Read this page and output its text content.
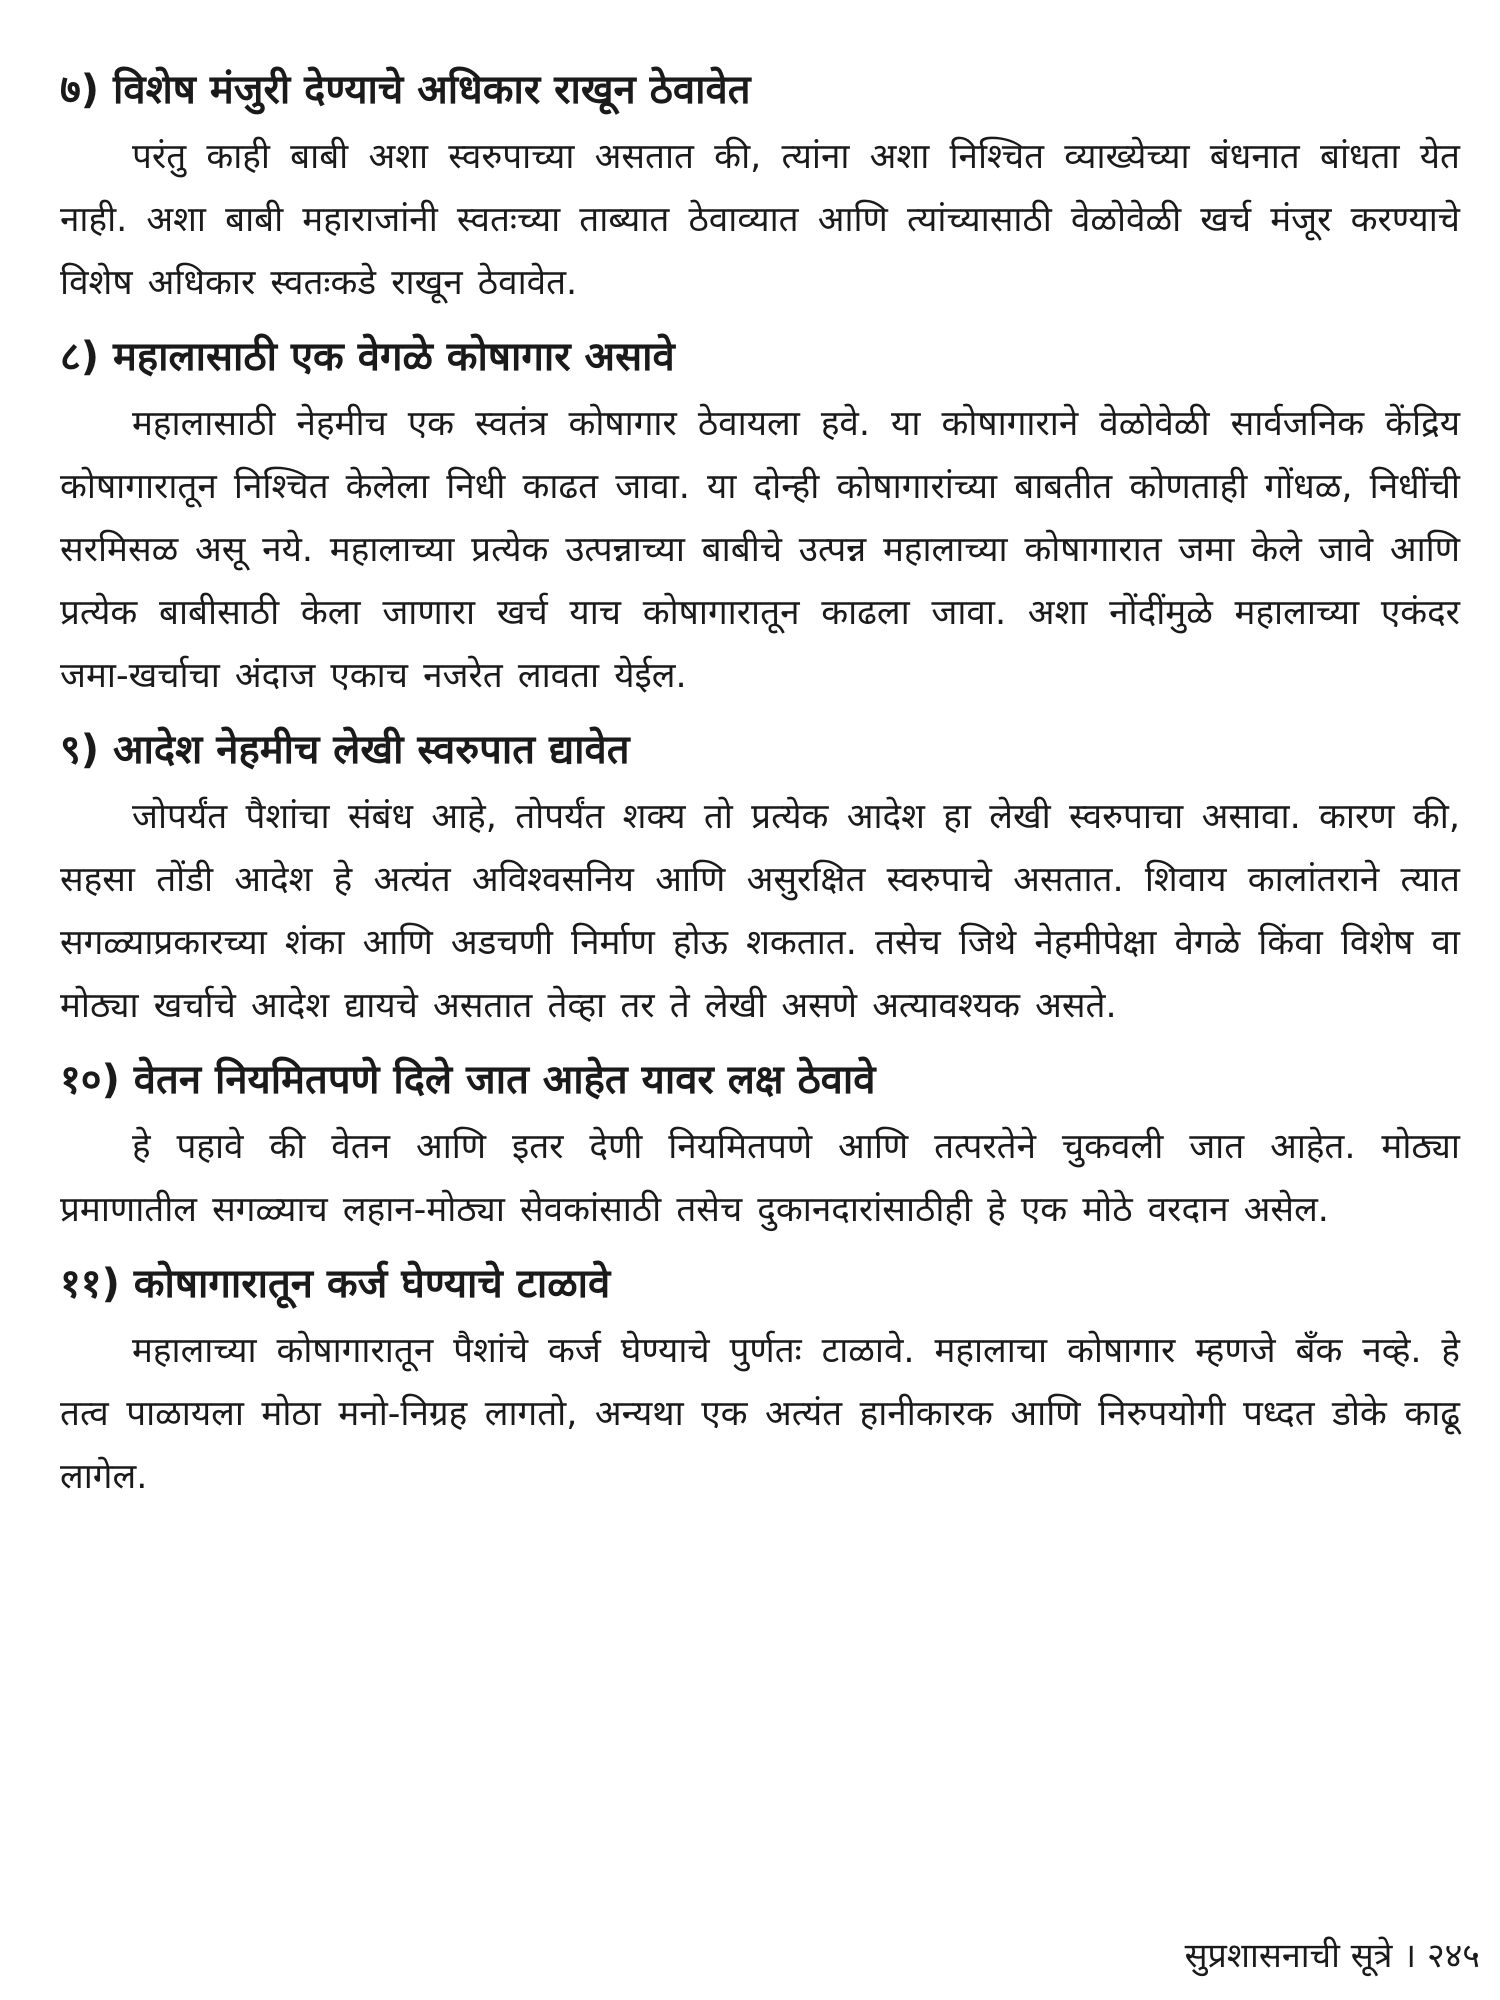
७) विशेष मंजुरी देण्याचे अधिकार राखून ठेवावेत

परंतु काही बाबी अशा स्वरुपाच्या असतात की, त्यांना अशा निश्चित व्याख्येच्या बंधनात बांधता येत नाही. अशा बाबी महाराजांनी स्वतःच्या ताब्यात ठेवाव्यात आणि त्यांच्यासाठी वेळोवेळी खर्च मंजूर करण्याचे विशेष अधिकार स्वतःकडे राखून ठेवावेत.

८) महालासाठी एक वेगळे कोषागार असावे

महालासाठी नेहमीच एक स्वतंत्र कोषागार ठेवायला हवे. या कोषागाराने वेळोवेळी सार्वजनिक केंद्रिय कोषागारातून निश्चित केलेला निधी काढत जावा. या दोन्ही कोषागारांच्या बाबतीत कोणताही गोंधळ, निधींची सरमिसळ असू नये. महालाच्या प्रत्येक उत्पन्नाच्या बाबीचे उत्पन्न महालाच्या कोषागारात जमा केले जावे आणि प्रत्येक बाबीसाठी केला जाणारा खर्च याच कोषागारातून काढला जावा. अशा नोंदींमुळे महालाच्या एकंदर जमा-खर्चाचा अंदाज एकाच नजरेत लावता येईल.

९) आदेश नेहमीच लेखी स्वरुपात द्यावेत

जोपर्यंत पैशांचा संबंध आहे, तोपर्यंत शक्य तो प्रत्येक आदेश हा लेखी स्वरुपाचा असावा. कारण की, सहसा तोंडी आदेश हे अत्यंत अविश्वसनिय आणि असुरक्षित स्वरुपाचे असतात. शिवाय कालांतराने त्यात सगळ्याप्रकारच्या शंका आणि अडचणी निर्माण होऊ शकतात. तसेच जिथे नेहमीपेक्षा वेगळे किंवा विशेष वा मोठ्या खर्चाचे आदेश द्यायचे असतात तेव्हा तर ते लेखी असणे अत्यावश्यक असते.

१०) वेतन नियमितपणे दिले जात आहेत यावर लक्ष ठेवावे

हे पहावे की वेतन आणि इतर देणी नियमितपणे आणि तत्परतेने चुकवली जात आहेत. मोठ्या प्रमाणातील सगळ्याच लहान-मोठ्या सेवकांसाठी तसेच दुकानदारांसाठीही हे एक मोठे वरदान असेल.

११) कोषागारातून कर्ज घेण्याचे टाळावे

महालाच्या कोषागारातून पैशांचे कर्ज घेण्याचे पुर्णतः टाळावे. महालाचा कोषागार म्हणजे बँक नव्हे. हे तत्व पाळायला मोठा मनो-निग्रह लागतो, अन्यथा एक अत्यंत हानीकारक आणि निरुपयोगी पध्दत डोके काढू लागेल.

सुप्रशासनाची सूत्रे । २४५
